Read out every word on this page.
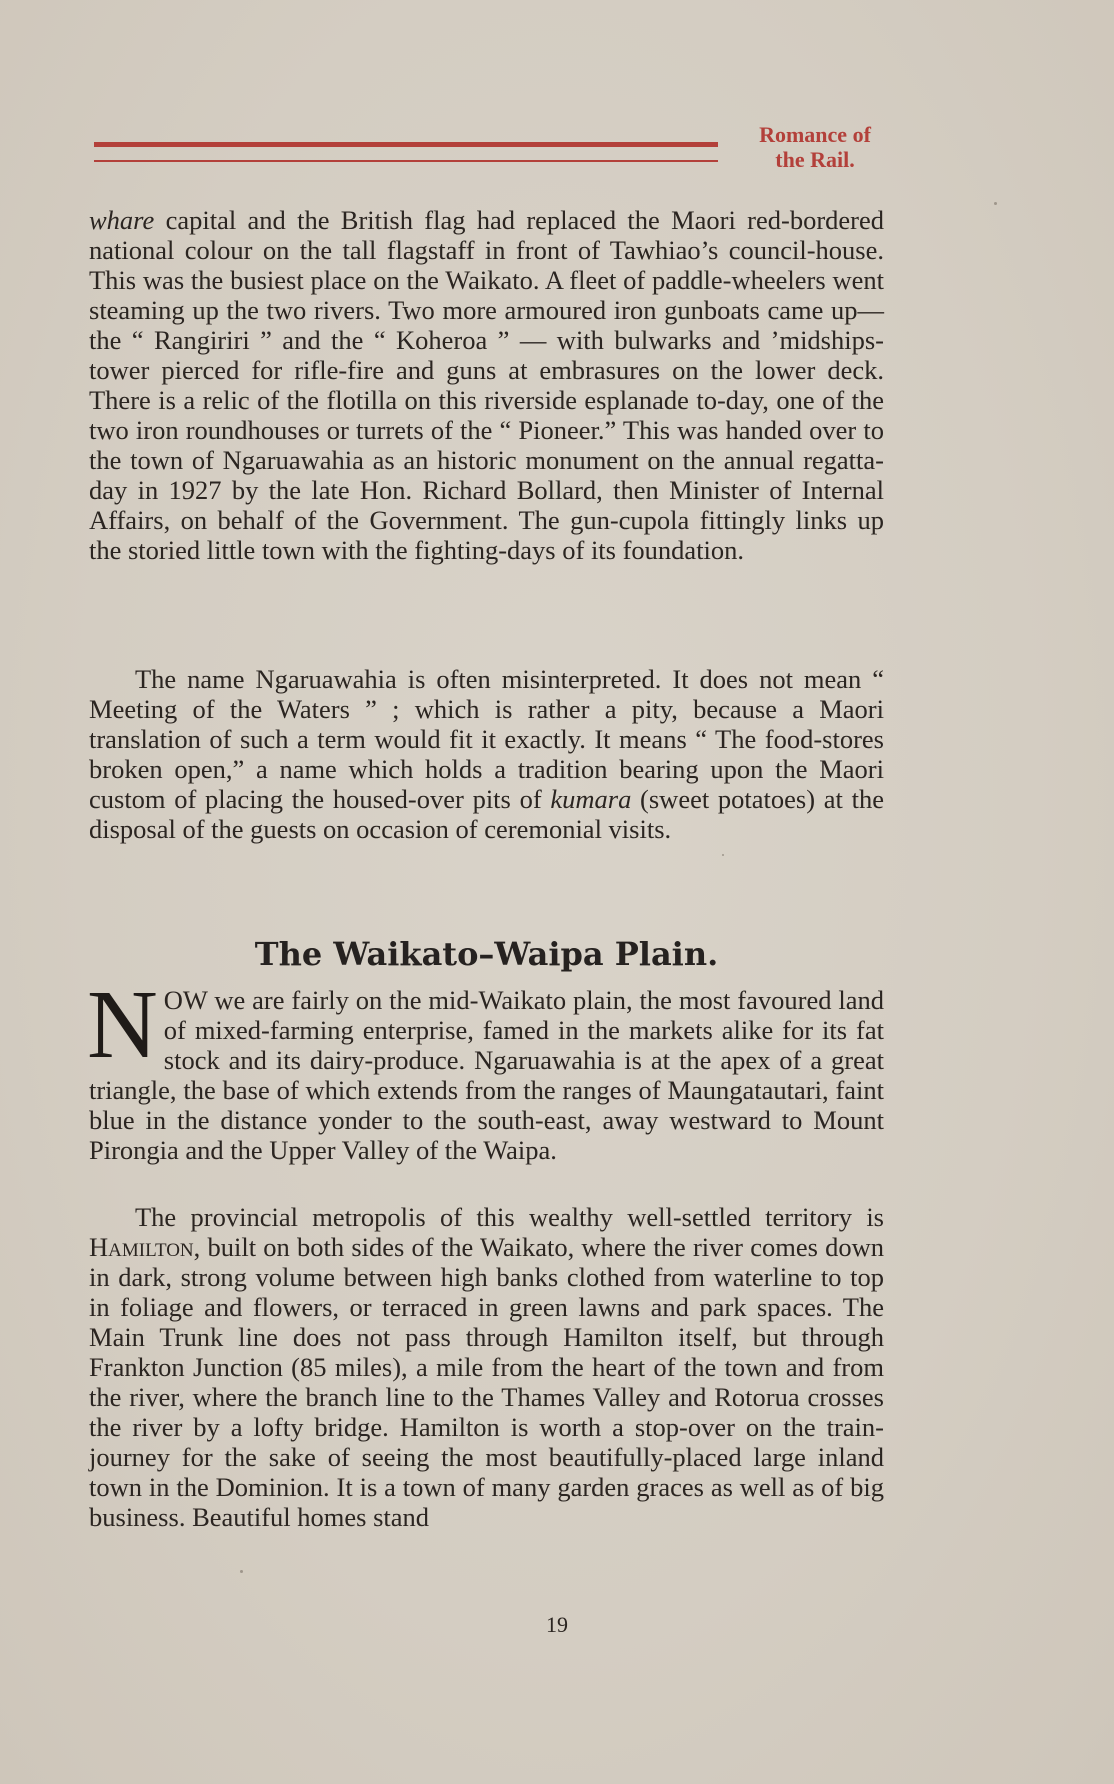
Romance of
the Rail.

whare capital and the British flag had replaced the Maori red-bordered national colour on the tall flagstaff in front of Tawhiao’s council-house. This was the busiest place on the Waikato. A fleet of paddle-wheelers went steaming up the two rivers. Two more armoured iron gunboats came up— the “ Rangiriri ” and the “ Koheroa ” — with bulwarks and ’midships-tower pierced for rifle-fire and guns at embrasures on the lower deck. There is a relic of the flotilla on this riverside esplanade to-day, one of the two iron roundhouses or turrets of the “ Pioneer.” This was handed over to the town of Ngaruawahia as an historic monument on the annual regatta-day in 1927 by the late Hon. Richard Bollard, then Minister of Internal Affairs, on behalf of the Government. The gun-cupola fittingly links up the storied little town with the fighting-days of its foundation.

The name Ngaruawahia is often misinterpreted. It does not mean “ Meeting of the Waters ” ; which is rather a pity, because a Maori translation of such a term would fit it exactly. It means “ The food-stores broken open,” a name which holds a tradition bearing upon the Maori custom of placing the housed-over pits of kumara (sweet potatoes) at the disposal of the guests on occasion of ceremonial visits.

The Waikato–Waipa Plain.

NOW we are fairly on the mid-Waikato plain, the most favoured land of mixed-farming enterprise, famed in the markets alike for its fat stock and its dairy-produce. Ngaruawahia is at the apex of a great triangle, the base of which extends from the ranges of Maungatautari, faint blue in the distance yonder to the south-east, away westward to Mount Pirongia and the Upper Valley of the Waipa.

The provincial metropolis of this wealthy well-settled territory is Hamilton, built on both sides of the Waikato, where the river comes down in dark, strong volume between high banks clothed from waterline to top in foliage and flowers, or terraced in green lawns and park spaces. The Main Trunk line does not pass through Hamilton itself, but through Frankton Junction (85 miles), a mile from the heart of the town and from the river, where the branch line to the Thames Valley and Rotorua crosses the river by a lofty bridge. Hamilton is worth a stop-over on the train-journey for the sake of seeing the most beautifully-placed large inland town in the Dominion. It is a town of many garden graces as well as of big business. Beautiful homes stand

19
